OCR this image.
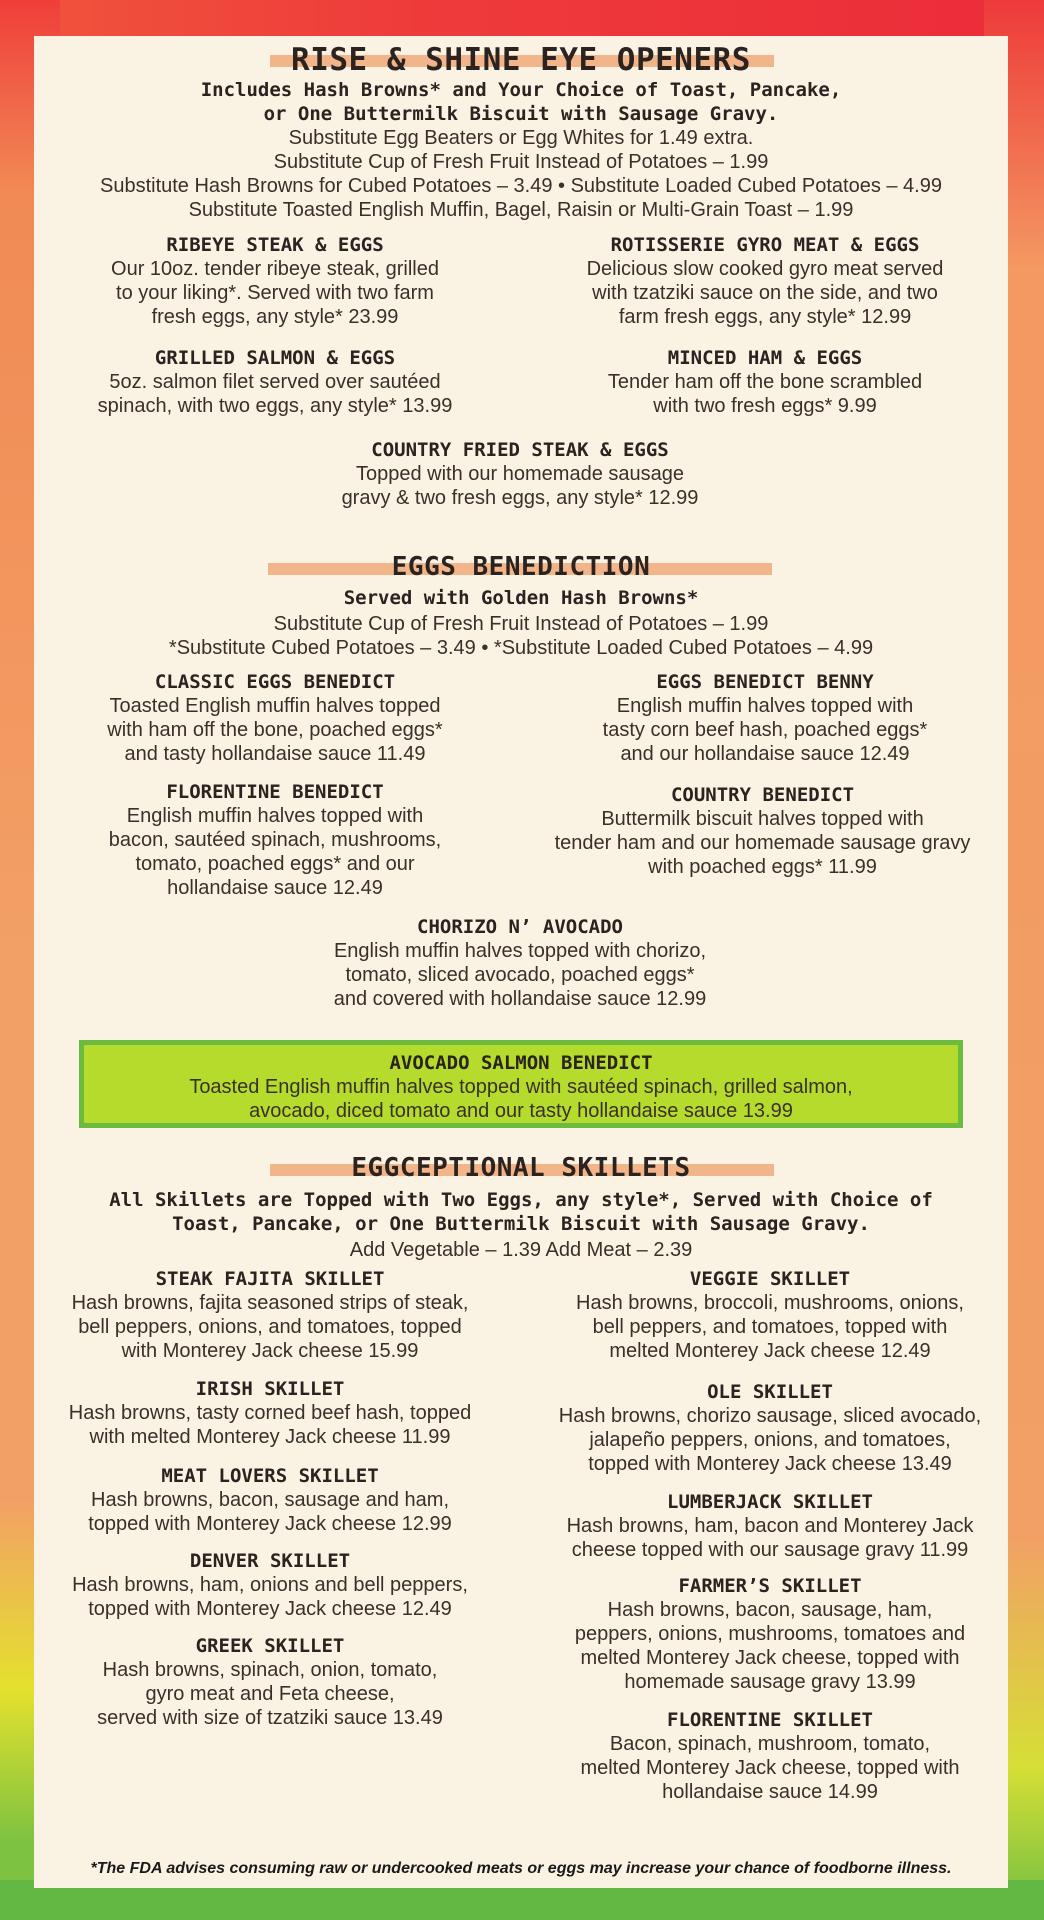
RISE & SHINE EYE OPENERS
Includes Hash Browns* and Your Choice of Toast, Pancake,
or One Buttermilk Biscuit with Sausage Gravy.
Substitute Egg Beaters or Egg Whites for 1.49 extra.
Substitute Cup of Fresh Fruit Instead of Potatoes – 1.99
Substitute Hash Browns for Cubed Potatoes – 3.49 • Substitute Loaded Cubed Potatoes – 4.99
Substitute Toasted English Muffin, Bagel, Raisin or Multi-Grain Toast – 1.99
RIBEYE STEAK & EGGS
Our 10oz. tender ribeye steak, grilled
to your liking*. Served with two farm
fresh eggs, any style* 23.99
ROTISSERIE GYRO MEAT & EGGS
Delicious slow cooked gyro meat served
with tzatziki sauce on the side, and two
farm fresh eggs, any style* 12.99
GRILLED SALMON & EGGS
5oz. salmon filet served over sautéed
spinach, with two eggs, any style* 13.99
MINCED HAM & EGGS
Tender ham off the bone scrambled
with two fresh eggs* 9.99
COUNTRY FRIED STEAK & EGGS
Topped with our homemade sausage
gravy & two fresh eggs, any style* 12.99
EGGS BENEDICTION
Served with Golden Hash Browns*
Substitute Cup of Fresh Fruit Instead of Potatoes – 1.99
*Substitute Cubed Potatoes – 3.49 • *Substitute Loaded Cubed Potatoes – 4.99
CLASSIC EGGS BENEDICT
Toasted English muffin halves topped
with ham off the bone, poached eggs*
and tasty hollandaise sauce 11.49
EGGS BENEDICT BENNY
English muffin halves topped with
tasty corn beef hash, poached eggs*
and our hollandaise sauce 12.49
FLORENTINE BENEDICT
English muffin halves topped with
bacon, sautéed spinach, mushrooms,
tomato, poached eggs* and our
hollandaise sauce 12.49
COUNTRY BENEDICT
Buttermilk biscuit halves topped with
tender ham and our homemade sausage gravy
with poached eggs* 11.99
CHORIZO N’ AVOCADO
English muffin halves topped with chorizo,
tomato, sliced avocado, poached eggs*
and covered with hollandaise sauce 12.99
AVOCADO SALMON BENEDICT
Toasted English muffin halves topped with sautéed spinach, grilled salmon,
avocado, diced tomato and our tasty hollandaise sauce 13.99
EGGCEPTIONAL SKILLETS
All Skillets are Topped with Two Eggs, any style*, Served with Choice of
Toast, Pancake, or One Buttermilk Biscuit with Sausage Gravy.
Add Vegetable – 1.39 Add Meat – 2.39
STEAK FAJITA SKILLET
Hash browns, fajita seasoned strips of steak,
bell peppers, onions, and tomatoes, topped
with Monterey Jack cheese 15.99
VEGGIE SKILLET
Hash browns, broccoli, mushrooms, onions,
bell peppers, and tomatoes, topped with
melted Monterey Jack cheese 12.49
IRISH SKILLET
Hash browns, tasty corned beef hash, topped
with melted Monterey Jack cheese 11.99
OLE SKILLET
Hash browns, chorizo sausage, sliced avocado,
jalapeño peppers, onions, and tomatoes,
topped with Monterey Jack cheese 13.49
MEAT LOVERS SKILLET
Hash browns, bacon, sausage and ham,
topped with Monterey Jack cheese 12.99
LUMBERJACK SKILLET
Hash browns, ham, bacon and Monterey Jack
cheese topped with our sausage gravy 11.99
DENVER SKILLET
Hash browns, ham, onions and bell peppers,
topped with Monterey Jack cheese 12.49
FARMER’S SKILLET
Hash browns, bacon, sausage, ham,
peppers, onions, mushrooms, tomatoes and
melted Monterey Jack cheese, topped with
homemade sausage gravy 13.99
GREEK SKILLET
Hash browns, spinach, onion, tomato,
gyro meat and Feta cheese,
served with size of tzatziki sauce 13.49	FLORENTINE SKILLET
Bacon, spinach, mushroom, tomato,
melted Monterey Jack cheese, topped with
hollandaise sauce 14.99
*The FDA advises consuming raw or undercooked meats or eggs may increase your chance of foodborne illness.
